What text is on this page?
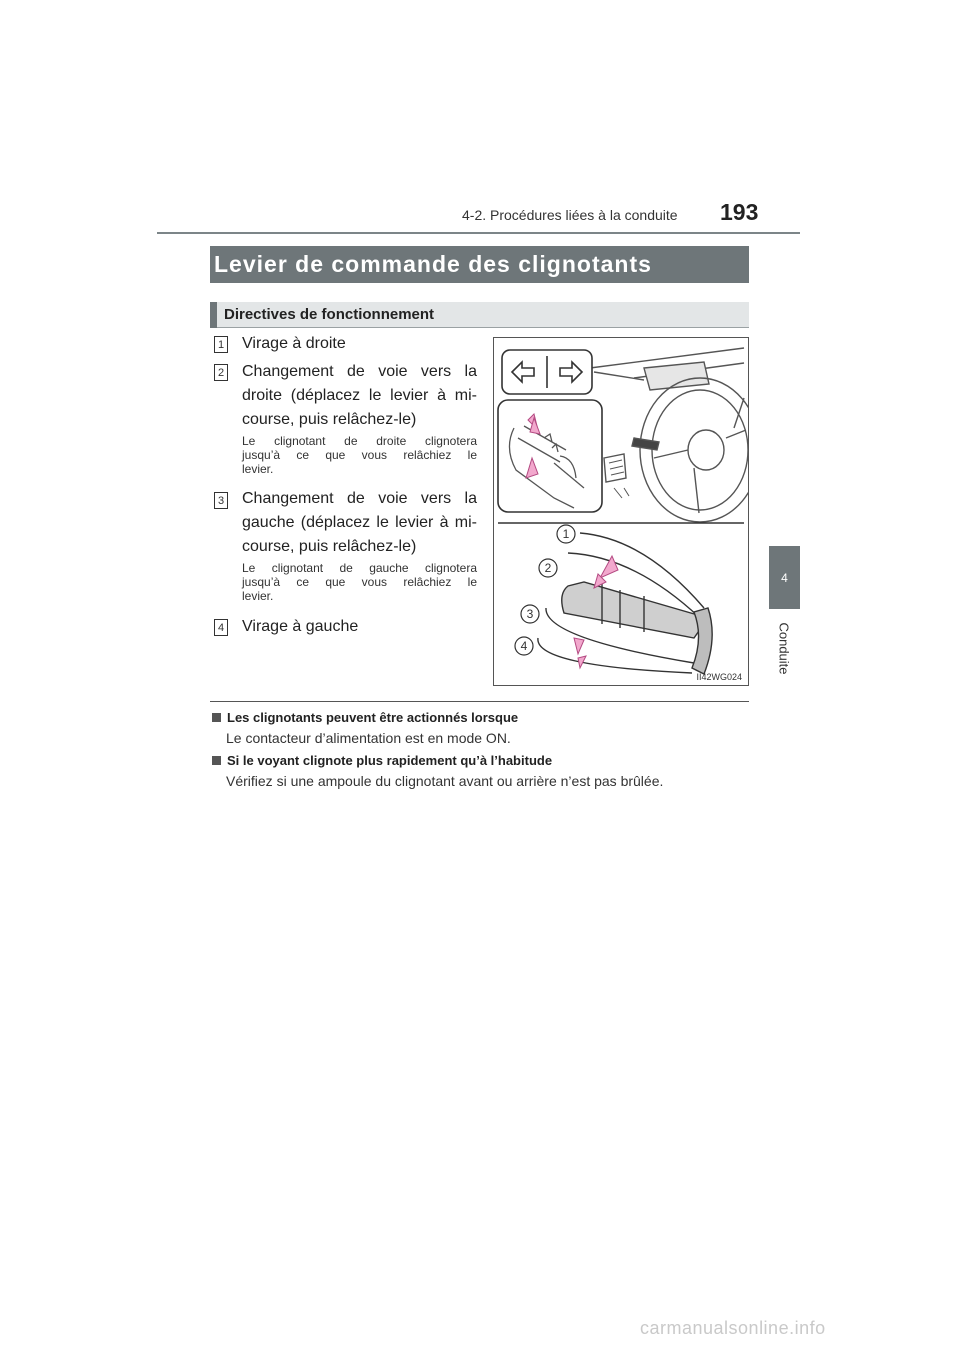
4-2. Procédures liées à la conduite 193
4
Conduite
Levier de commande des clignotants
Directives de fonctionnement
1 Virage à droite
2 Changement de voie vers la
droite (déplacez le levier à mi-
course, puis relâchez-le)
Le clignotant de droite clignotera
jusqu’à ce que vous relâchiez le
levier.
3 Changement de voie vers la
gauche (déplacez le levier à mi-
course, puis relâchez-le)
Le clignotant de gauche clignotera
jusqu’à ce que vous relâchiez le
levier.
4 Virage à gauche
1
2
3
4
II42WG024
Les clignotants peuvent être actionnés lorsque
Le contacteur d’alimentation est en mode ON.
Si le voyant clignote plus rapidement qu’à l’habitude
Vérifiez si une ampoule du clignotant avant ou arrière n’est pas brûlée.
carmanualsonline.info
